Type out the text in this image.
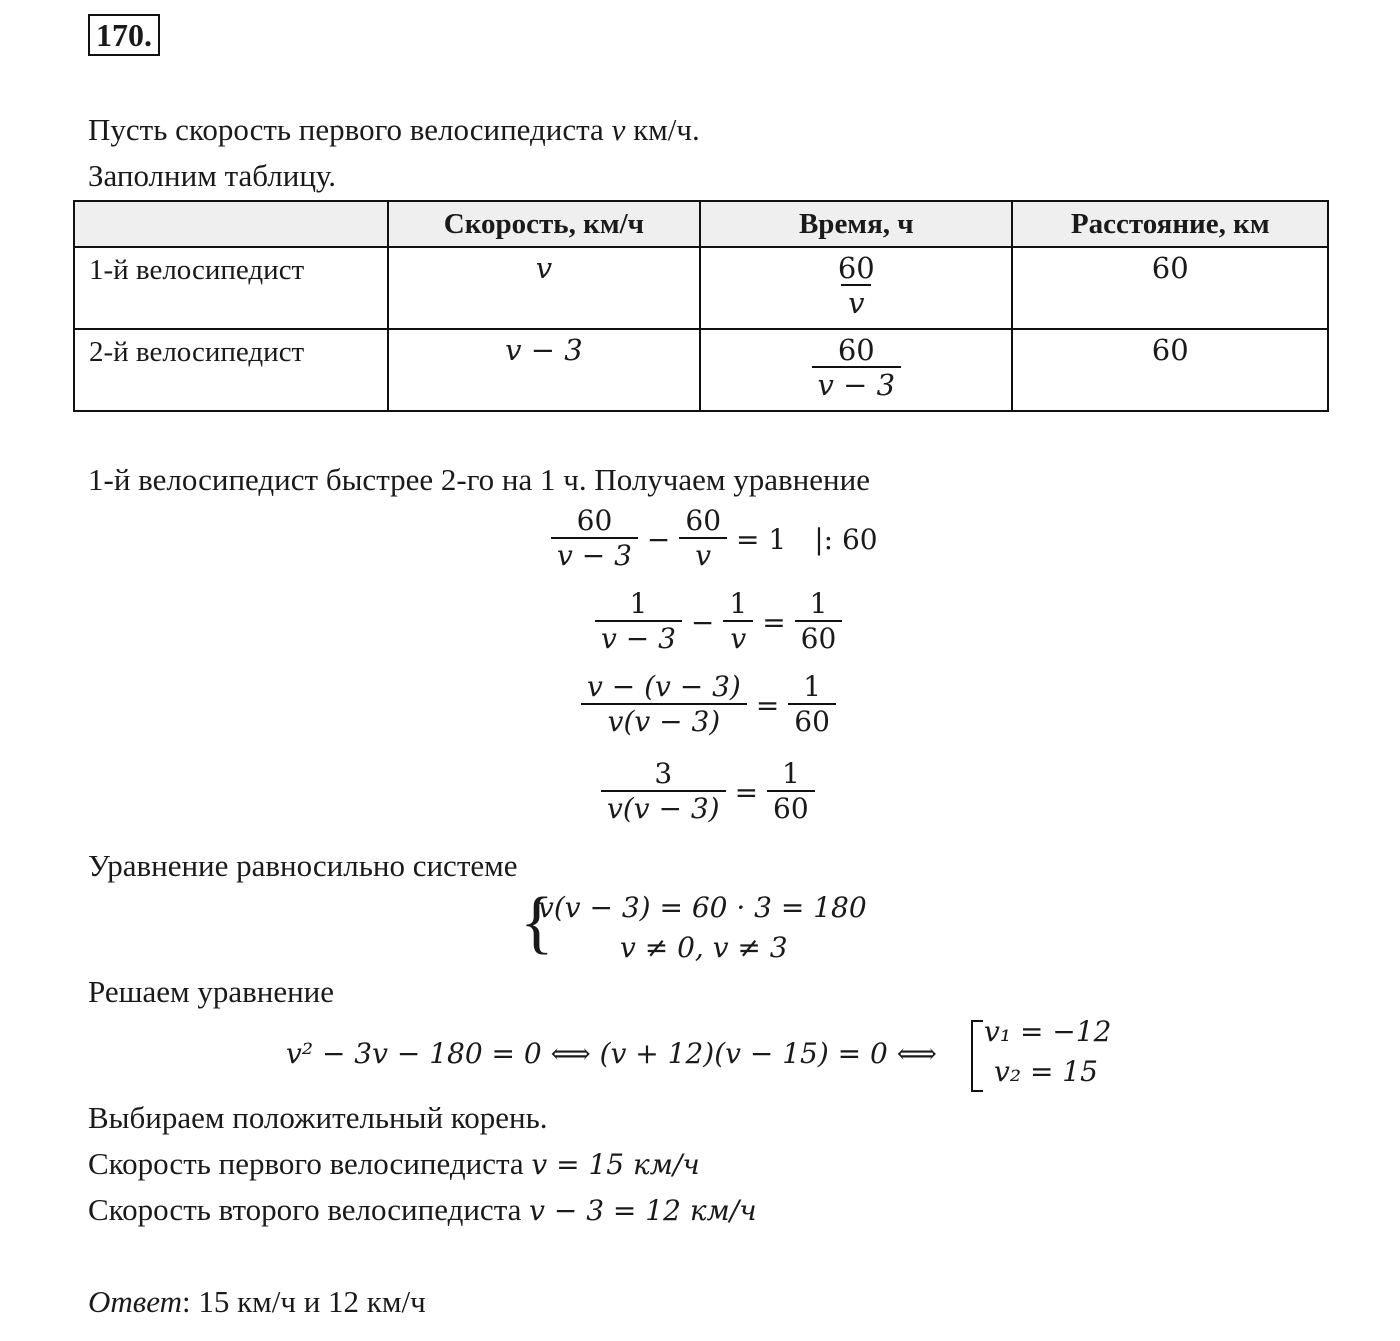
170.
Пусть скорость первого велосипедиста v км/ч.
Заполним таблицу.
	Скорость, км/ч	Время, ч	Расстояние, км
1-й велосипедист	v	$\frac{60}{v}$	60
2-й велосипедист	v − 3	$\frac{60}{v - 3}$	60
1-й велосипедист быстрее 2-го на 1 ч. Получаем уравнение
$\frac{60}{v - 3} - \frac{60}{v} = 1$ |: 60
$\frac{1}{v - 3} - \frac{1}{v} = \frac{1}{60}$
$\frac{v - (v - 3)}{v(v - 3)} = \frac{1}{60}$
$\frac{3}{v(v - 3)} = \frac{1}{60}$
Уравнение равносильно системе
{
v(v − 3) = 60 · 3 = 180
v ≠ 0, v ≠ 3
Решаем уравнение
v² − 3v − 180 = 0 ⟺ (v + 12)(v − 15) = 0 ⟺
v₁ = −12
v₂ = 15
Выбираем положительный корень.
Скорость первого велосипедиста v = 15 км/ч
Скорость второго велосипедиста v − 3 = 12 км/ч
Ответ: 15 км/ч и 12 км/ч
